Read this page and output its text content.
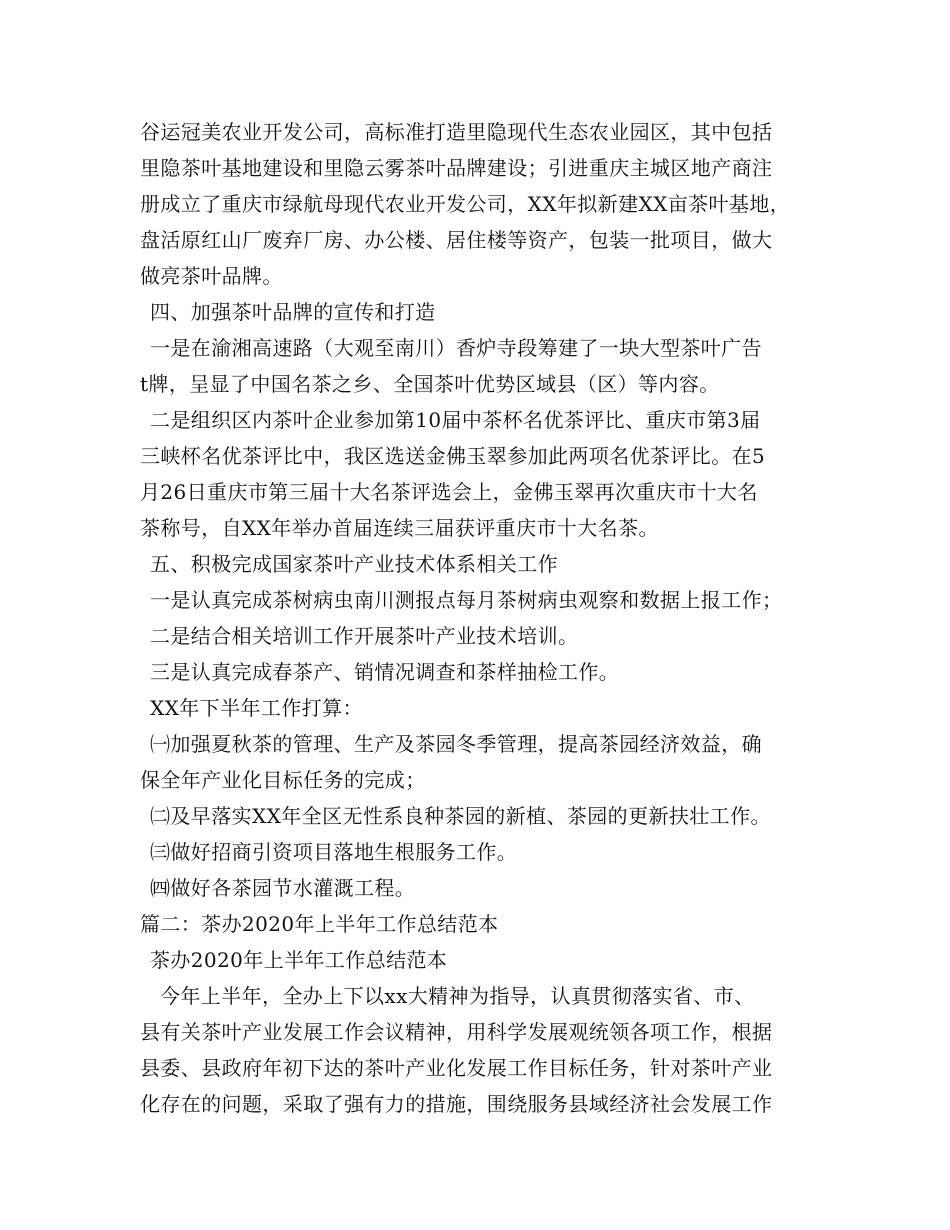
谷运冠美农业开发公司，高标准打造里隐现代生态农业园区，其中包括
里隐茶叶基地建设和里隐云雾茶叶品牌建设；引进重庆主城区地产商注
册成立了重庆市绿航母现代农业开发公司，XX年拟新建XX亩茶叶基地，
盘活原红山厂废弃厂房、办公楼、居住楼等资产，包装一批项目，做大
做亮茶叶品牌。
四、加强茶叶品牌的宣传和打造
一是在渝湘高速路（大观至南川）香炉寺段筹建了一块大型茶叶广告
t牌，呈显了中国名茶之乡、全国茶叶优势区域县（区）等内容。
二是组织区内茶叶企业参加第10届中茶杯名优茶评比、重庆市第3届
三峡杯名优茶评比中，我区选送金佛玉翠参加此两项名优茶评比。在5
月26日重庆市第三届十大名茶评选会上，金佛玉翠再次重庆市十大名
茶称号，自XX年举办首届连续三届获评重庆市十大名茶。
五、积极完成国家茶叶产业技术体系相关工作
一是认真完成茶树病虫南川测报点每月茶树病虫观察和数据上报工作；
二是结合相关培训工作开展茶叶产业技术培训。
三是认真完成春茶产、销情况调查和茶样抽检工作。
XX年下半年工作打算：
㈠加强夏秋茶的管理、生产及茶园冬季管理，提高茶园经济效益，确
保全年产业化目标任务的完成；
㈡及早落实XX年全区无性系良种茶园的新植、茶园的更新扶壮工作。
㈢做好招商引资项目落地生根服务工作。
㈣做好各茶园节水灌溉工程。
篇二：茶办2020年上半年工作总结范本
茶办2020年上半年工作总结范本
今年上半年，全办上下以xx大精神为指导，认真贯彻落实省、市、
县有关茶叶产业发展工作会议精神，用科学发展观统领各项工作，根据
县委、县政府年初下达的茶叶产业化发展工作目标任务，针对茶叶产业
化存在的问题，采取了强有力的措施，围绕服务县域经济社会发展工作
